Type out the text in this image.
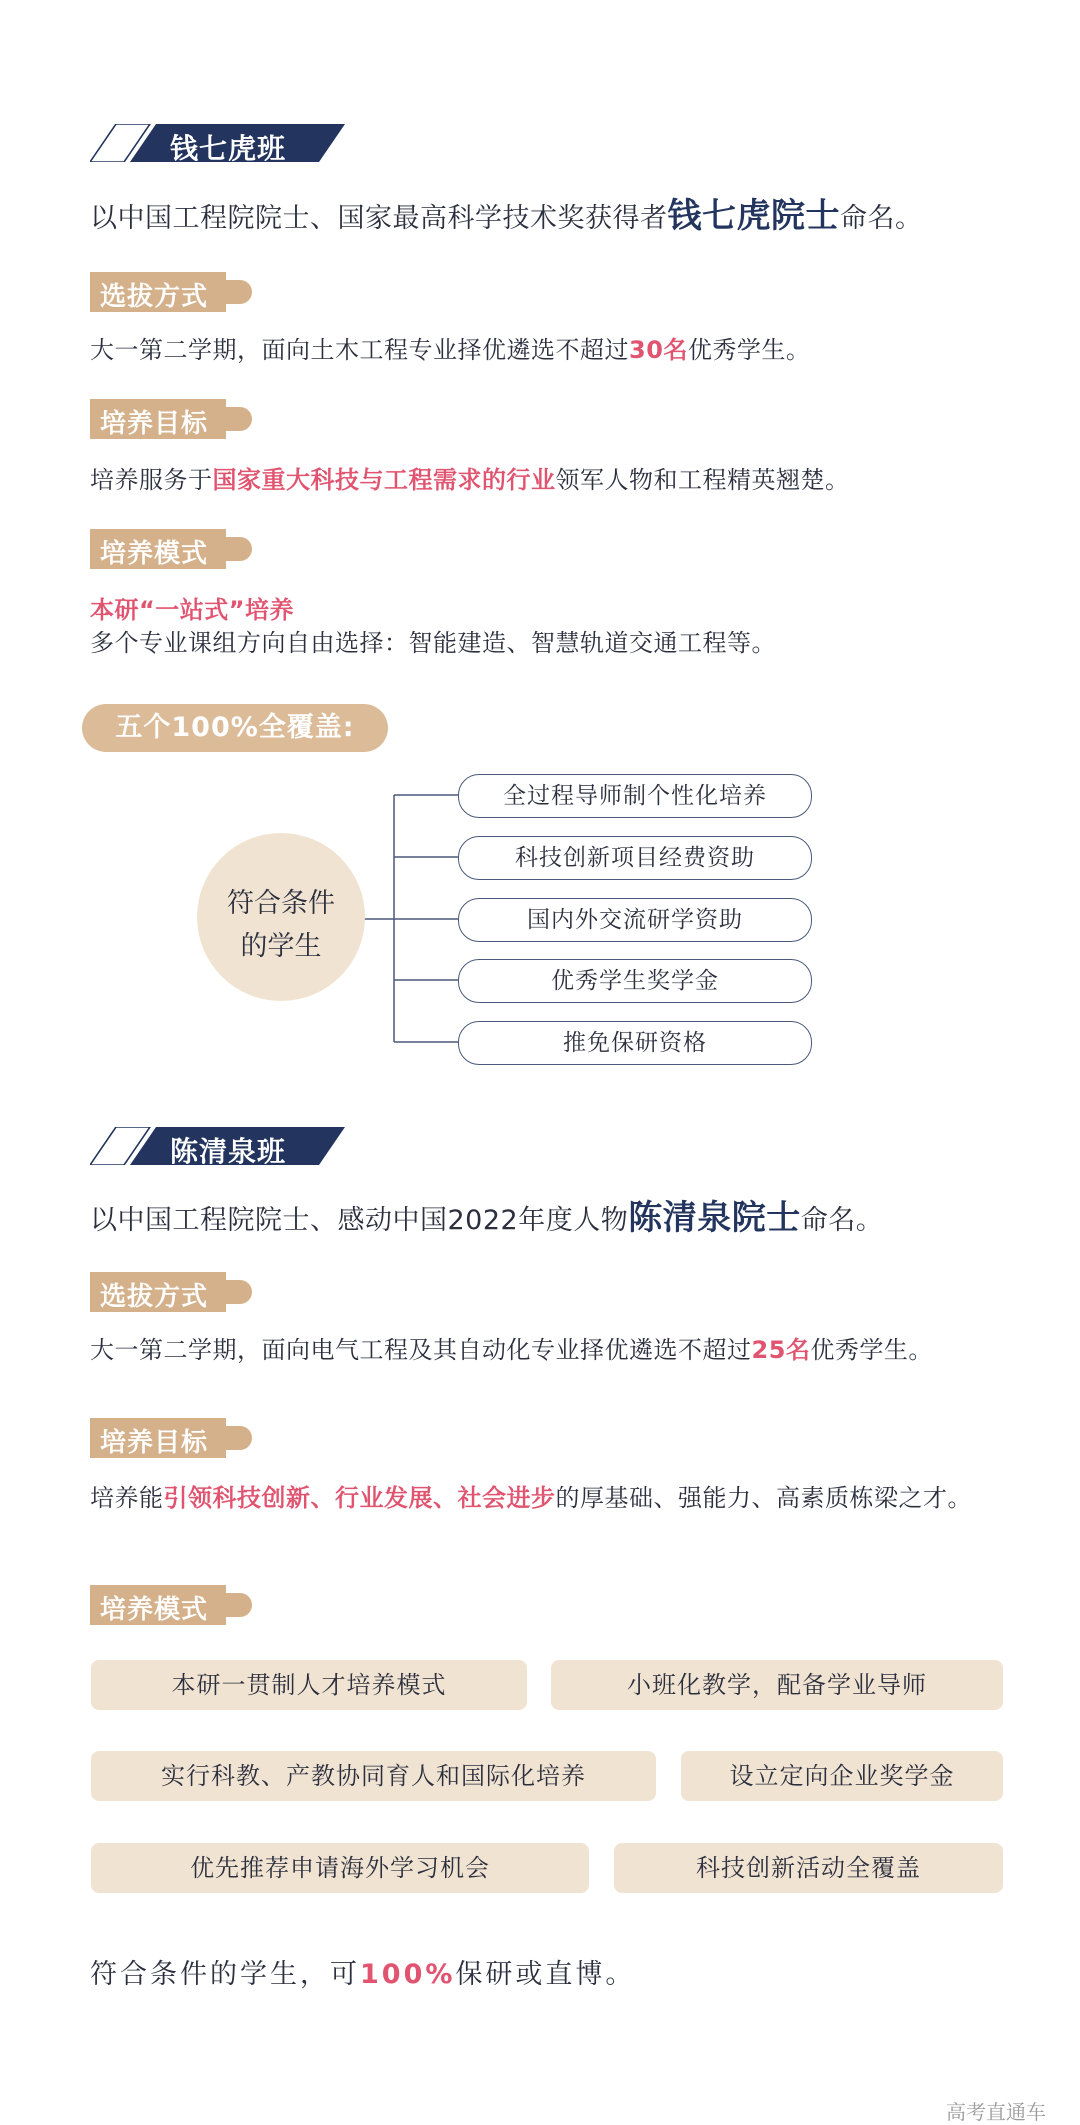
钱七虎班
以中国工程院院士、国家最高科学技术奖获得者钱七虎院士命名。
选拔方式
大一第二学期，面向土木工程专业择优遴选不超过30名优秀学生。
培养目标
培养服务于国家重大科技与工程需求的行业领军人物和工程精英翘楚。
培养模式
本研“一站式”培养
多个专业课组方向自由选择：智能建造、智慧轨道交通工程等。
五个100%全覆盖:
符合条件
的学生
全过程导师制个性化培养
科技创新项目经费资助
国内外交流研学资助
优秀学生奖学金
推免保研资格
陈清泉班
以中国工程院院士、感动中国2022年度人物陈清泉院士命名。
选拔方式
大一第二学期，面向电气工程及其自动化专业择优遴选不超过25名优秀学生。
培养目标
培养能引领科技创新、行业发展、社会进步的厚基础、强能力、高素质栋梁之才。
培养模式
本研一贯制人才培养模式	小班化教学，配备学业导师
实行科教、产教协同育人和国际化培养	设立定向企业奖学金
优先推荐申请海外学习机会	科技创新活动全覆盖
符合条件的学生，可100%保研或直博。
高考直通车
